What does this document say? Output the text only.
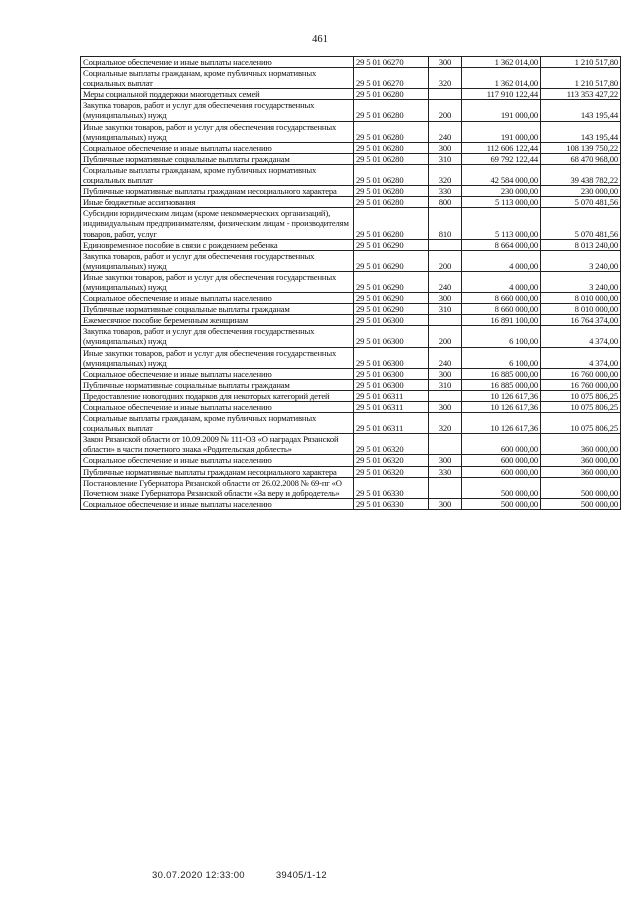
461
Социальное обеспечение и иные выплаты населению	29 5 01 06270	300	1 362 014,00	1 210 517,80
Социальные выплаты гражданам, кроме публичных нормативных социальных выплат	29 5 01 06270	320	1 362 014,00	1 210 517,80
Меры социальной поддержки многодетных семей	29 5 01 06280		117 910 122,44	113 353 427,22
Закупка товаров, работ и услуг для обеспечения государственных (муниципальных) нужд	29 5 01 06280	200	191 000,00	143 195,44
Иные закупки товаров, работ и услуг для обеспечения государственных (муниципальных) нужд	29 5 01 06280	240	191 000,00	143 195,44
Социальное обеспечение и иные выплаты населению	29 5 01 06280	300	112 606 122,44	108 139 750,22
Публичные нормативные социальные выплаты гражданам	29 5 01 06280	310	69 792 122,44	68 470 968,00
Социальные выплаты гражданам, кроме публичных нормативных социальных выплат	29 5 01 06280	320	42 584 000,00	39 438 782,22
Публичные нормативные выплаты гражданам несоциального характера	29 5 01 06280	330	230 000,00	230 000,00
Иные бюджетные ассигнования	29 5 01 06280	800	5 113 000,00	5 070 481,56
Субсидии юридическим лицам (кроме некоммерческих организаций), индивидуальным предпринимателям, физическим лицам - производителям товаров, работ, услуг	29 5 01 06280	810	5 113 000,00	5 070 481,56
Единовременное пособие в связи с рождением ребенка	29 5 01 06290		8 664 000,00	8 013 240,00
Закупка товаров, работ и услуг для обеспечения государственных (муниципальных) нужд	29 5 01 06290	200	4 000,00	3 240,00
Иные закупки товаров, работ и услуг для обеспечения государственных (муниципальных) нужд	29 5 01 06290	240	4 000,00	3 240,00
Социальное обеспечение и иные выплаты населению	29 5 01 06290	300	8 660 000,00	8 010 000,00
Публичные нормативные социальные выплаты гражданам	29 5 01 06290	310	8 660 000,00	8 010 000,00
Ежемесячное пособие беременным женщинам	29 5 01 06300		16 891 100,00	16 764 374,00
Закупка товаров, работ и услуг для обеспечения государственных (муниципальных) нужд	29 5 01 06300	200	6 100,00	4 374,00
Иные закупки товаров, работ и услуг для обеспечения государственных (муниципальных) нужд	29 5 01 06300	240	6 100,00	4 374,00
Социальное обеспечение и иные выплаты населению	29 5 01 06300	300	16 885 000,00	16 760 000,00
Публичные нормативные социальные выплаты гражданам	29 5 01 06300	310	16 885 000,00	16 760 000,00
Предоставление новогодних подарков для некоторых категорий детей	29 5 01 06311		10 126 617,36	10 075 806,25
Социальное обеспечение и иные выплаты населению	29 5 01 06311	300	10 126 617,36	10 075 806,25
Социальные выплаты гражданам, кроме публичных нормативных социальных выплат	29 5 01 06311	320	10 126 617,36	10 075 806,25
Закон Рязанской области от 10.09.2009 № 111-ОЗ «О наградах Рязанской области» в части почетного знака «Родительская доблесть»	29 5 01 06320		600 000,00	360 000,00
Социальное обеспечение и иные выплаты населению	29 5 01 06320	300	600 000,00	360 000,00
Публичные нормативные выплаты гражданам несоциального характера	29 5 01 06320	330	600 000,00	360 000,00
Постановление Губернатора Рязанской области от 26.02.2008 № 69-пг «О Почетном знаке Губернатора Рязанской области «За веру и добродетель»	29 5 01 06330		500 000,00	500 000,00
Социальное обеспечение и иные выплаты населению	29 5 01 06330	300	500 000,00	500 000,00
30.07.2020 12:33:00	39405/1-12
